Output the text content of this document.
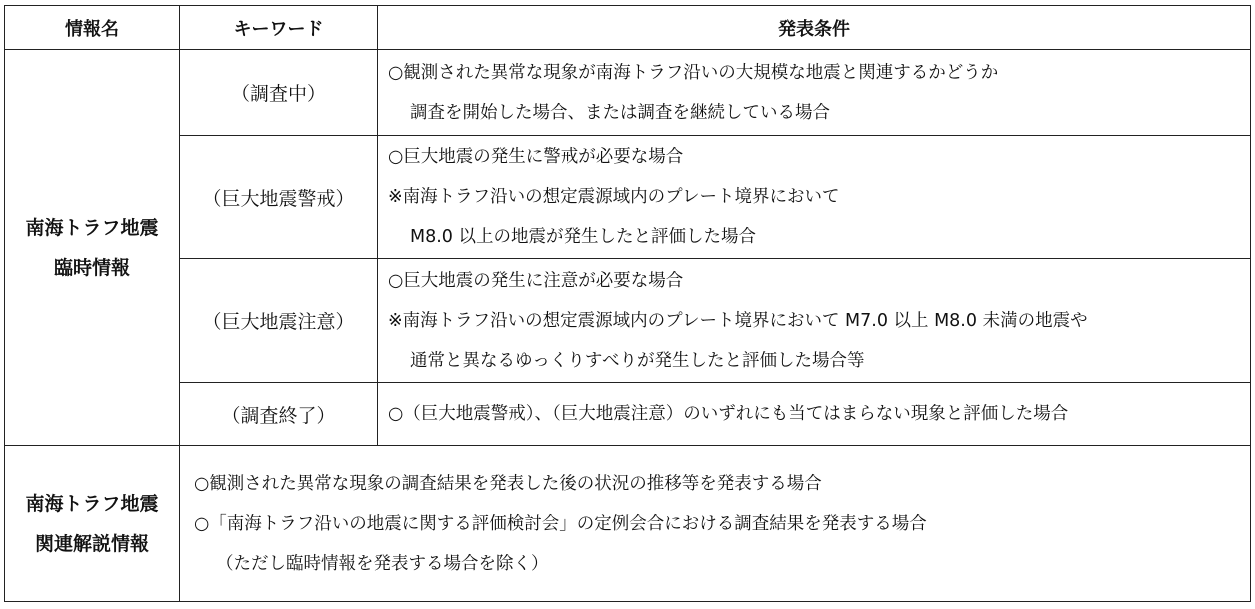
情報名	キーワード	発表条件

南海トラフ地震
臨時情報	（調査中）	○観測された異常な現象が南海トラフ沿いの大規模な地震と関連するかどうか
調査を開始した場合、または調査を継続している場合

	（巨大地震警戒）	○巨大地震の発生に警戒が必要な場合
※南海トラフ沿いの想定震源域内のプレート境界において
M8.0 以上の地震が発生したと評価した場合

	（巨大地震注意）	○巨大地震の発生に注意が必要な場合
※南海トラフ沿いの想定震源域内のプレート境界において M7.0 以上 M8.0 未満の地震や
通常と異なるゆっくりすべりが発生したと評価した場合等

	（調査終了）	○（巨大地震警戒）、（巨大地震注意）のいずれにも当てはまらない現象と評価した場合

南海トラフ地震
関連解説情報	○観測された異常な現象の調査結果を発表した後の状況の推移等を発表する場合
○「南海トラフ沿いの地震に関する評価検討会」の定例会合における調査結果を発表する場合
（ただし臨時情報を発表する場合を除く）	
